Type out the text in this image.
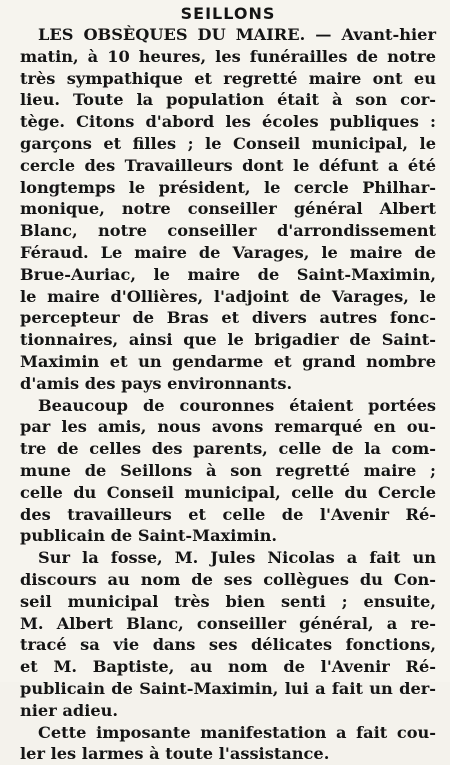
SEILLONS
LES OBSÈQUES DU MAIRE. — Avant-hier
matin, à 10 heures, les funérailles de notre
très sympathique et regretté maire ont eu
lieu. Toute la population était à son cor-
tège. Citons d'abord les écoles publiques :
garçons et filles ; le Conseil municipal, le
cercle des Travailleurs dont le défunt a été
longtemps le président, le cercle Philhar-
monique, notre conseiller général Albert
Blanc, notre conseiller d'arrondissement
Féraud. Le maire de Varages, le maire de
Brue-Auriac, le maire de Saint-Maximin,
le maire d'Ollières, l'adjoint de Varages, le
percepteur de Bras et divers autres fonc-
tionnaires, ainsi que le brigadier de Saint-
Maximin et un gendarme et grand nombre
d'amis des pays environnants.
Beaucoup de couronnes étaient portées
par les amis, nous avons remarqué en ou-
tre de celles des parents, celle de la com-
mune de Seillons à son regretté maire ;
celle du Conseil municipal, celle du Cercle
des travailleurs et celle de l'Avenir Ré-
publicain de Saint-Maximin.
Sur la fosse, M. Jules Nicolas a fait un
discours au nom de ses collègues du Con-
seil municipal très bien senti ; ensuite,
M. Albert Blanc, conseiller général, a re-
tracé sa vie dans ses délicates fonctions,
et M. Baptiste, au nom de l'Avenir Ré-
publicain de Saint-Maximin, lui a fait un der-
nier adieu.
Cette imposante manifestation a fait cou-
ler les larmes à toute l'assistance.
